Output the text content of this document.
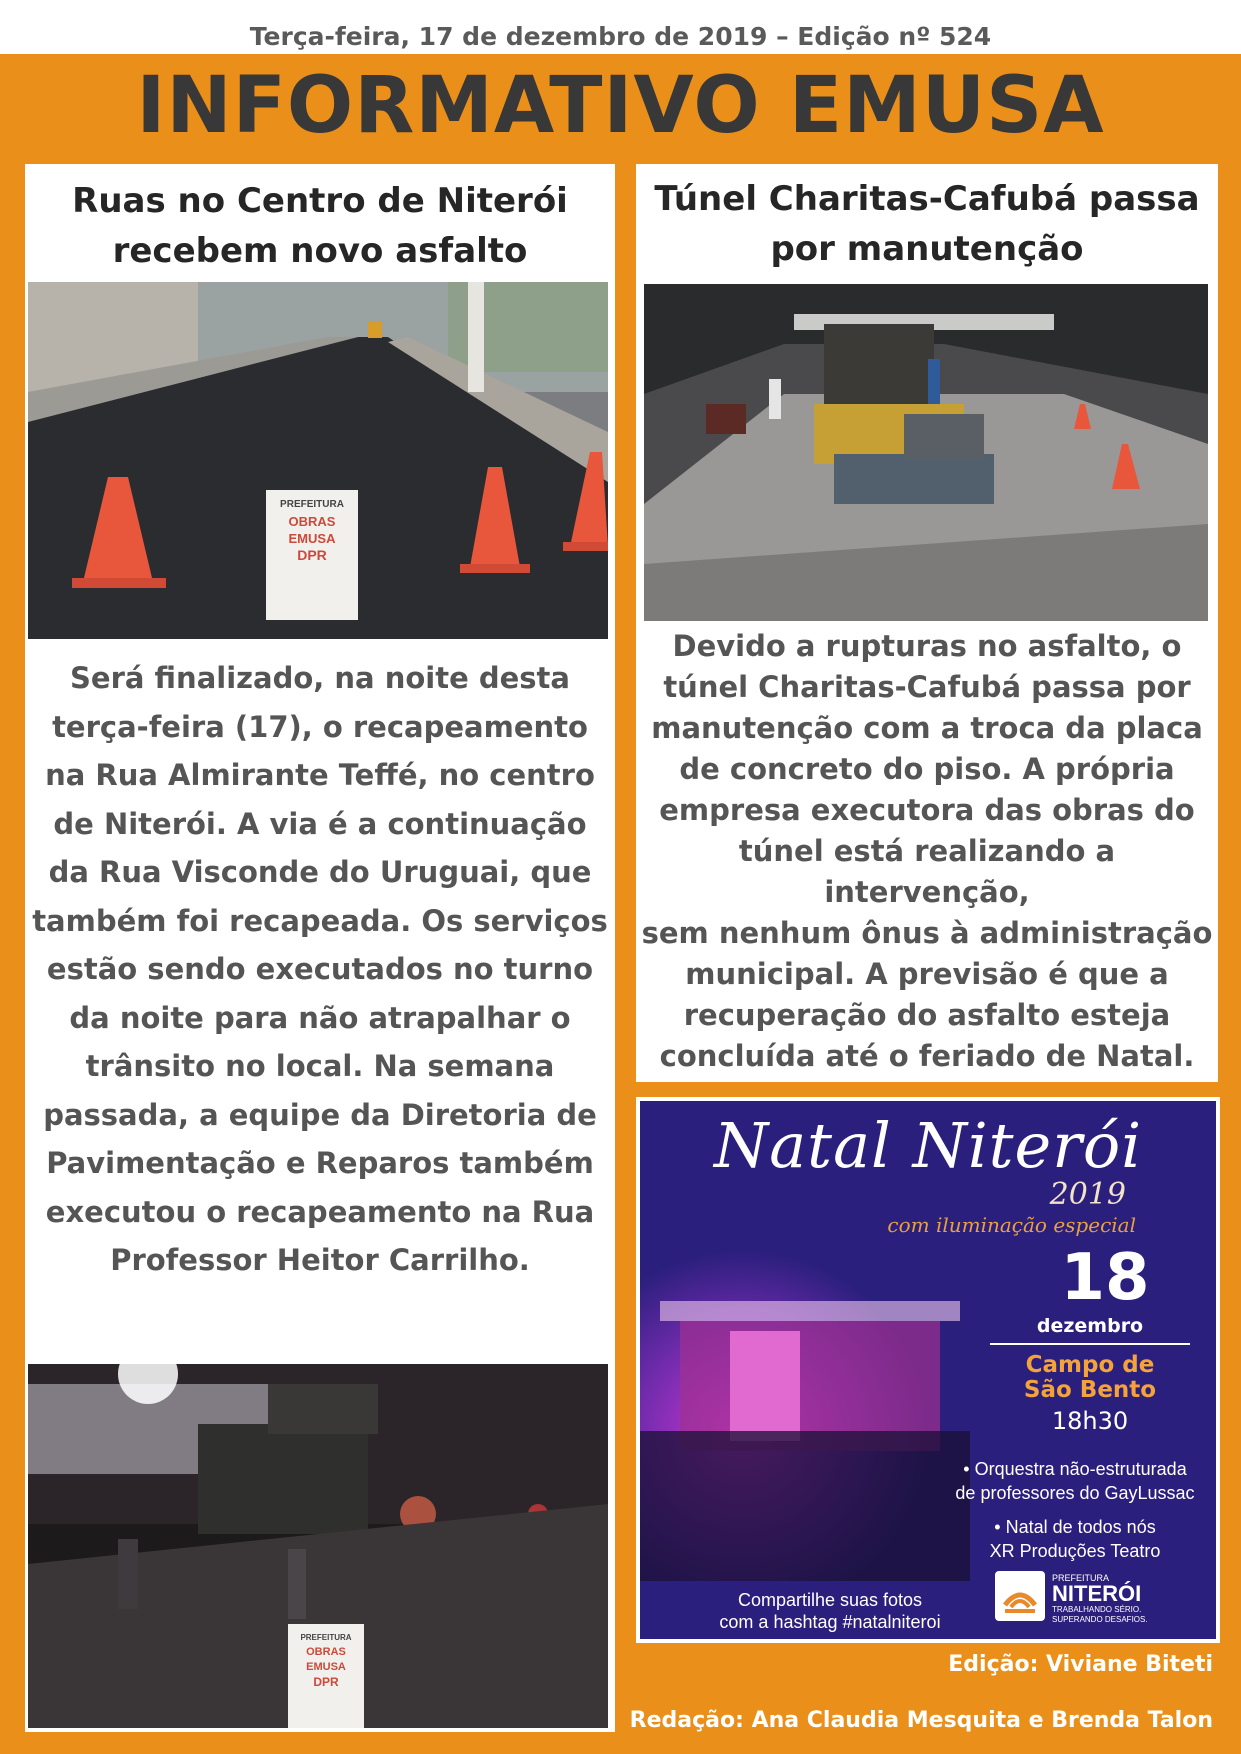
Terça-feira, 17 de dezembro de 2019 – Edição nº 524
INFORMATIVO EMUSA
Ruas no Centro de Niterói
recebem novo asfalto
PREFEITURA
OBRAS
EMUSA
DPR
Será finalizado, na noite desta
terça-feira (17), o recapeamento
na Rua Almirante Teffé, no centro
de Niterói. A via é a continuação
da Rua Visconde do Uruguai, que
também foi recapeada. Os serviços
estão sendo executados no turno
da noite para não atrapalhar o
trânsito no local. Na semana
passada, a equipe da Diretoria de
Pavimentação e Reparos também
executou o recapeamento na Rua
Professor Heitor Carrilho.
PREFEITURA
OBRAS
EMUSA
DPR
Túnel Charitas-Cafubá passa
por manutenção
Devido a rupturas no asfalto, o
túnel Charitas-Cafubá passa por
manutenção com a troca da placa
de concreto do piso. A própria
empresa executora das obras do
túnel está realizando a intervenção,
sem nenhum ônus à administração
municipal. A previsão é que a
recuperação do asfalto esteja
concluída até o feriado de Natal.
Natal Niterói
2019
com iluminação especial
18
dezembro
Campo de
São Bento
18h30
• Orquestra não-estruturada
de professores do GayLussac
• Natal de todos nós
XR Produções Teatro
Compartilhe suas fotos
com a hashtag #natalniteroi
PREFEITURA
NITERÓI
TRABALHANDO SÉRIO.
SUPERANDO DESAFIOS.
Edição: Viviane Biteti
Redação: Ana Claudia Mesquita e Brenda Talon
